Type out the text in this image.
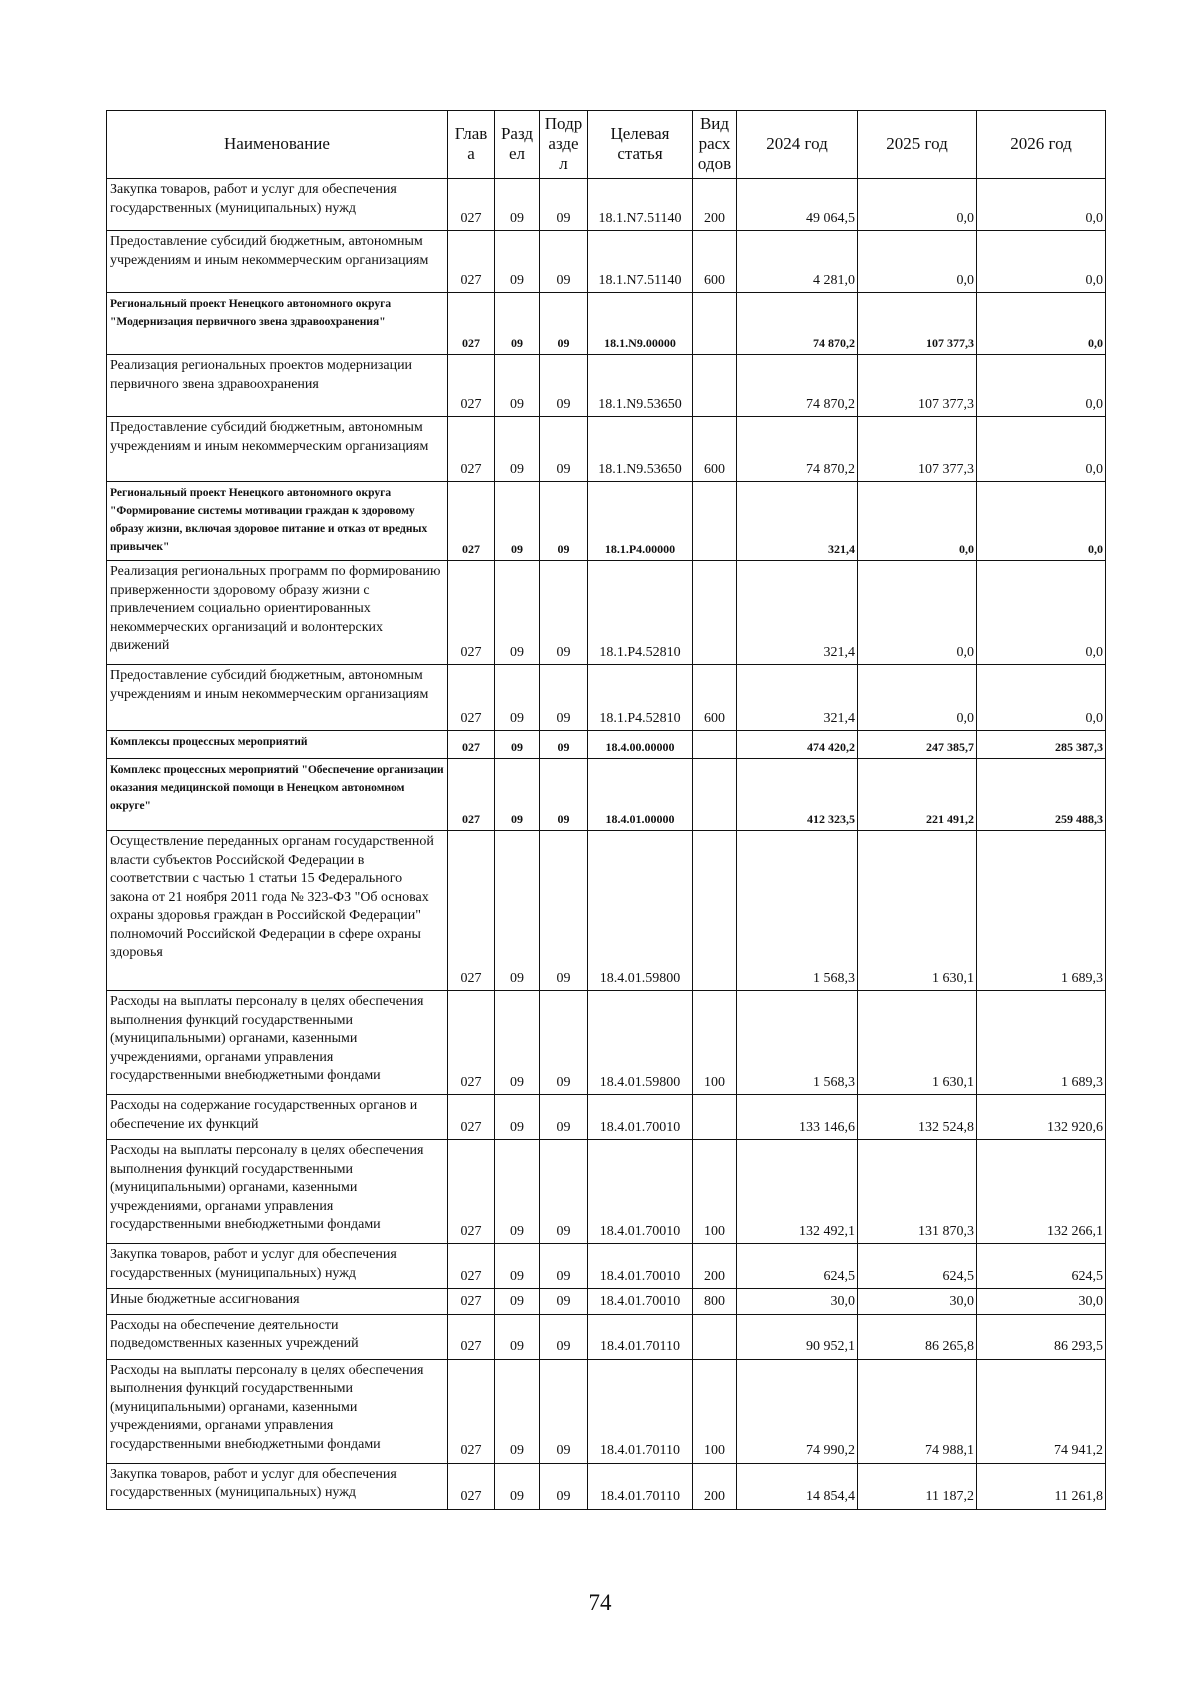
Наименование	Глав а	Разд ел	Подр азде л	Целевая статья	Вид расх одов	2024 год	2025 год	2026 год
Закупка товаров, работ и услуг для обеспечения государственных (муниципальных) нужд	027	09	09	18.1.N7.51140	200	49 064,5	0,0	0,0
Предоставление субсидий бюджетным, автономным учреждениям и иным некоммерческим организациям	027	09	09	18.1.N7.51140	600	4 281,0	0,0	0,0
Региональный проект Ненецкого автономного округа "Модернизация первичного звена здравоохранения"	027	09	09	18.1.N9.00000		74 870,2	107 377,3	0,0
Реализация региональных проектов модернизации первичного звена здравоохранения	027	09	09	18.1.N9.53650		74 870,2	107 377,3	0,0
Предоставление субсидий бюджетным, автономным учреждениям и иным некоммерческим организациям	027	09	09	18.1.N9.53650	600	74 870,2	107 377,3	0,0
Региональный проект Ненецкого автономного округа "Формирование системы мотивации граждан к здоровому образу жизни, включая здоровое питание и отказ от вредных привычек"	027	09	09	18.1.P4.00000		321,4	0,0	0,0
Реализация региональных программ по формированию приверженности здоровому образу жизни с привлечением социально ориентированных некоммерческих организаций и волонтерских движений	027	09	09	18.1.P4.52810		321,4	0,0	0,0
Предоставление субсидий бюджетным, автономным учреждениям и иным некоммерческим организациям	027	09	09	18.1.P4.52810	600	321,4	0,0	0,0
Комплексы процессных мероприятий	027	09	09	18.4.00.00000		474 420,2	247 385,7	285 387,3
Комплекс процессных мероприятий "Обеспечение организации оказания медицинской помощи в Ненецком автономном округе"	027	09	09	18.4.01.00000		412 323,5	221 491,2	259 488,3
Осуществление переданных органам государственной власти субъектов Российской Федерации в соответствии с частью 1 статьи 15 Федерального закона от 21 ноября 2011 года № 323-ФЗ "Об основах охраны здоровья граждан в Российской Федерации" полномочий Российской Федерации в сфере охраны здоровья	027	09	09	18.4.01.59800		1 568,3	1 630,1	1 689,3
Расходы на выплаты персоналу в целях обеспечения выполнения функций государственными (муниципальными) органами, казенными учреждениями, органами управления государственными внебюджетными фондами	027	09	09	18.4.01.59800	100	1 568,3	1 630,1	1 689,3
Расходы на содержание государственных органов и обеспечение их функций	027	09	09	18.4.01.70010		133 146,6	132 524,8	132 920,6
Расходы на выплаты персоналу в целях обеспечения выполнения функций государственными (муниципальными) органами, казенными учреждениями, органами управления государственными внебюджетными фондами	027	09	09	18.4.01.70010	100	132 492,1	131 870,3	132 266,1
Закупка товаров, работ и услуг для обеспечения государственных (муниципальных) нужд	027	09	09	18.4.01.70010	200	624,5	624,5	624,5
Иные бюджетные ассигнования	027	09	09	18.4.01.70010	800	30,0	30,0	30,0
Расходы на обеспечение деятельности подведомственных казенных учреждений	027	09	09	18.4.01.70110		90 952,1	86 265,8	86 293,5
Расходы на выплаты персоналу в целях обеспечения выполнения функций государственными (муниципальными) органами, казенными учреждениями, органами управления государственными внебюджетными фондами	027	09	09	18.4.01.70110	100	74 990,2	74 988,1	74 941,2
Закупка товаров, работ и услуг для обеспечения государственных (муниципальных) нужд	027	09	09	18.4.01.70110	200	14 854,4	11 187,2	11 261,8
74
